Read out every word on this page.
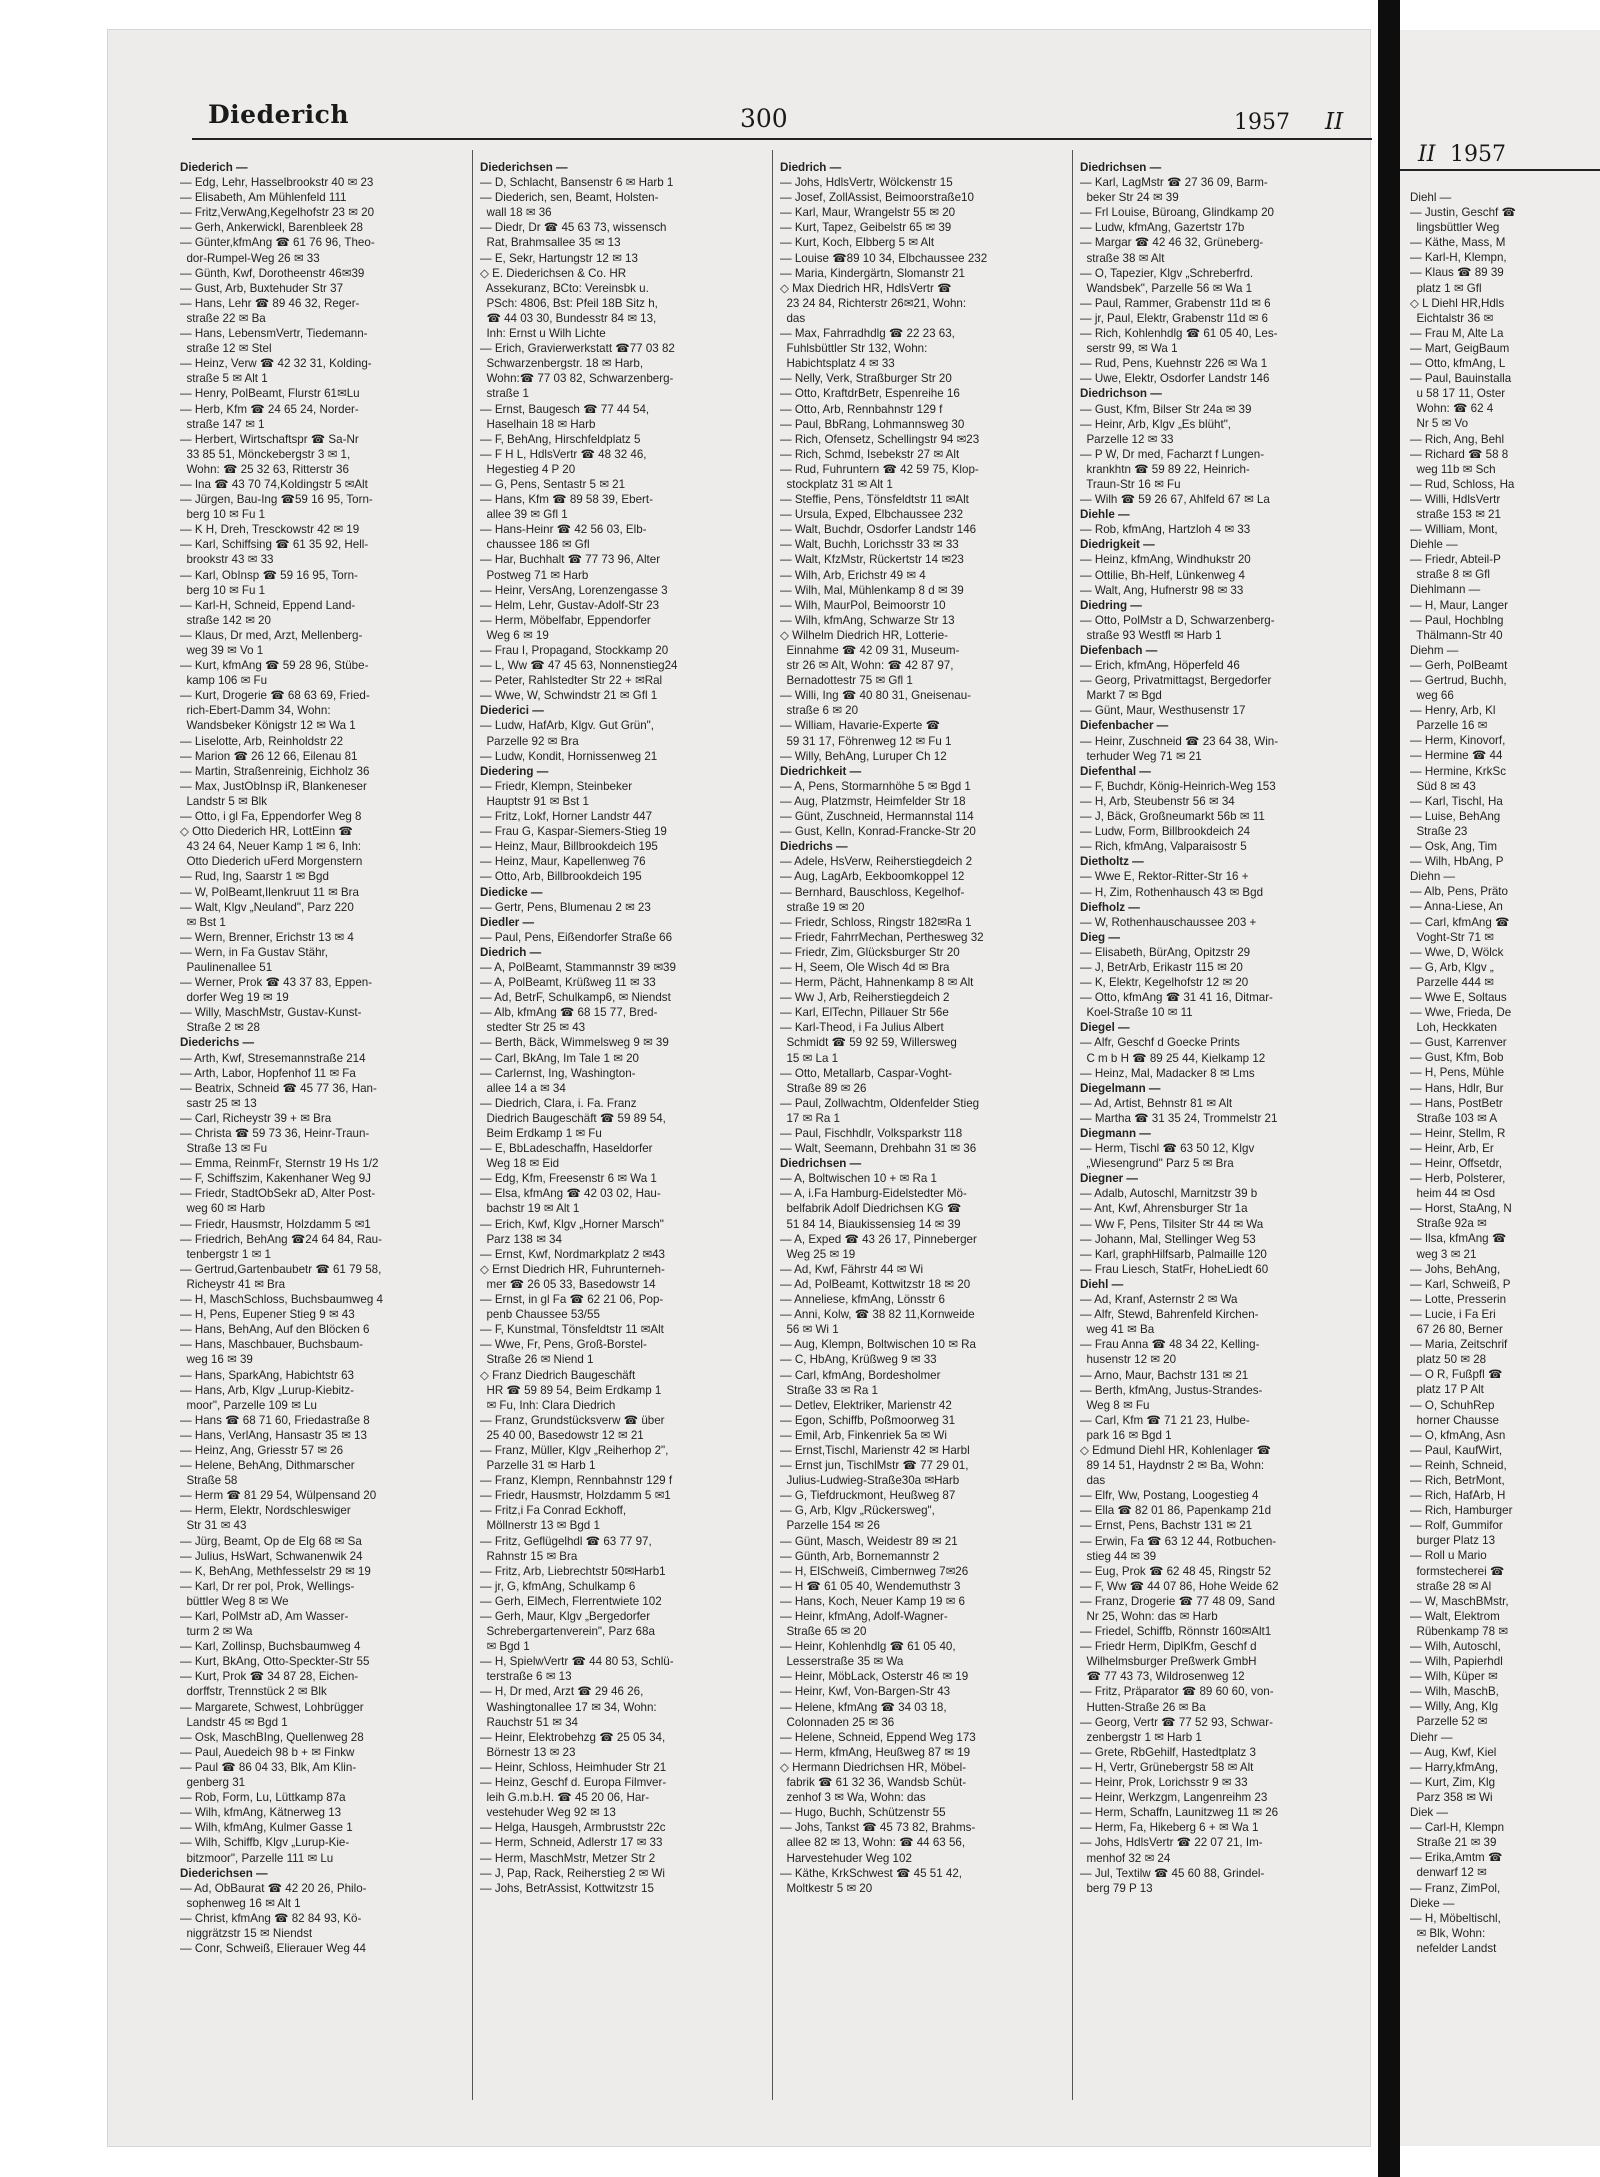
Diederich	300	1957 II
Diederich —
— Edg, Lehr, Hasselbrookstr 40 ✉ 23
— Elisabeth, Am Mühlenfeld 111
— Fritz,VerwAng,Kegelhofstr 23 ✉ 20
— Gerh, Ankerwickl, Barenbleek 28
— Günter,kfmAng ☎ 61 76 96, Theo-
dor-Rumpel-Weg 26 ✉ 33
— Günth, Kwf, Dorotheenstr 46✉39
— Gust, Arb, Buxtehuder Str 37
— Hans, Lehr ☎ 89 46 32, Reger-
straße 22 ✉ Ba
— Hans, LebensmVertr, Tiedemann-
straße 12 ✉ Stel
— Heinz, Verw ☎ 42 32 31, Kolding-
straße 5 ✉ Alt 1
— Henry, PolBeamt, Flurstr 61✉Lu
— Herb, Kfm ☎ 24 65 24, Norder-
straße 147 ✉ 1
— Herbert, Wirtschaftspr ☎ Sa-Nr
33 85 51, Mönckebergstr 3 ✉ 1,
Wohn: ☎ 25 32 63, Ritterstr 36
— Ina ☎ 43 70 74,Koldingstr 5 ✉Alt
— Jürgen, Bau-Ing ☎59 16 95, Torn-
berg 10 ✉ Fu 1
— K H, Dreh, Tresckowstr 42 ✉ 19
— Karl, Schiffsing ☎ 61 35 92, Hell-
brookstr 43 ✉ 33
— Karl, ObInsp ☎ 59 16 95, Torn-
berg 10 ✉ Fu 1
— Karl-H, Schneid, Eppend Land-
straße 142 ✉ 20
— Klaus, Dr med, Arzt, Mellenberg-
weg 39 ✉ Vo 1
— Kurt, kfmAng ☎ 59 28 96, Stübe-
kamp 106 ✉ Fu
— Kurt, Drogerie ☎ 68 63 69, Fried-
rich-Ebert-Damm 34, Wohn:
Wandsbeker Königstr 12 ✉ Wa 1
— Liselotte, Arb, Reinholdstr 22
— Marion ☎ 26 12 66, Eilenau 81
— Martin, Straßenreinig, Eichholz 36
— Max, JustObInsp iR, Blankeneser
Landstr 5 ✉ Blk
— Otto, i gl Fa, Eppendorfer Weg 8
◇ Otto Diederich HR, LottEinn ☎
43 24 64, Neuer Kamp 1 ✉ 6, Inh:
Otto Diederich uFerd Morgenstern
— Rud, Ing, Saarstr 1 ✉ Bgd
— W, PolBeamt,Ilenkruut 11 ✉ Bra
— Walt, Klgv „Neuland", Parz 220
✉ Bst 1
— Wern, Brenner, Erichstr 13 ✉ 4
— Wern, in Fa Gustav Stähr,
Paulinenallee 51
— Werner, Prok ☎ 43 37 83, Eppen-
dorfer Weg 19 ✉ 19
— Willy, MaschMstr, Gustav-Kunst-
Straße 2 ✉ 28
Diederichs —
— Arth, Kwf, Stresemannstraße 214
— Arth, Labor, Hopfenhof 11 ✉ Fa
— Beatrix, Schneid ☎ 45 77 36, Han-
sastr 25 ✉ 13
— Carl, Richeystr 39 + ✉ Bra
— Christa ☎ 59 73 36, Heinr-Traun-
Straße 13 ✉ Fu
— Emma, ReinmFr, Sternstr 19 Hs 1/2
— F, Schiffszim, Kakenhaner Weg 9J
— Friedr, StadtObSekr aD, Alter Post-
weg 60 ✉ Harb
— Friedr, Hausmstr, Holzdamm 5 ✉1
— Friedrich, BehAng ☎24 64 84, Rau-
tenbergstr 1 ✉ 1
— Gertrud,Gartenbaubetr ☎ 61 79 58,
Richeystr 41 ✉ Bra
— H, MaschSchloss, Buchsbaumweg 4
— H, Pens, Eupener Stieg 9 ✉ 43
— Hans, BehAng, Auf den Blöcken 6
— Hans, Maschbauer, Buchsbaum-
weg 16 ✉ 39
— Hans, SparkAng, Habichtstr 63
— Hans, Arb, Klgv „Lurup-Kiebitz-
moor", Parzelle 109 ✉ Lu
— Hans ☎ 68 71 60, Friedastraße 8
— Hans, VerlAng, Hansastr 35 ✉ 13
— Heinz, Ang, Griesstr 57 ✉ 26
— Helene, BehAng, Dithmarscher
Straße 58
— Herm ☎ 81 29 54, Wülpensand 20
— Herm, Elektr, Nordschleswiger
Str 31 ✉ 43
— Jürg, Beamt, Op de Elg 68 ✉ Sa
— Julius, HsWart, Schwanenwik 24
— K, BehAng, Methfesselstr 29 ✉ 19
— Karl, Dr rer pol, Prok, Wellings-
büttler Weg 8 ✉ We
— Karl, PolMstr aD, Am Wasser-
turm 2 ✉ Wa
— Karl, Zollinsp, Buchsbaumweg 4
— Kurt, BkAng, Otto-Speckter-Str 55
— Kurt, Prok ☎ 34 87 28, Eichen-
dorffstr, Trennstück 2 ✉ Blk
— Margarete, Schwest, Lohbrügger
Landstr 45 ✉ Bgd 1
— Osk, MaschBIng, Quellenweg 28
— Paul, Auedeich 98 b + ✉ Finkw
— Paul ☎ 86 04 33, Blk, Am Klin-
genberg 31
— Rob, Form, Lu, Lüttkamp 87a
— Wilh, kfmAng, Kätnerweg 13
— Wilh, kfmAng, Kulmer Gasse 1
— Wilh, Schiffb, Klgv „Lurup-Kie-
bitzmoor", Parzelle 111 ✉ Lu
Diederichsen —
— Ad, ObBaurat ☎ 42 20 26, Philo-
sophenweg 16 ✉ Alt 1
— Christ, kfmAng ☎ 82 84 93, Kö-
niggrätzstr 15 ✉ Niendst
— Conr, Schweiß, Elierauer Weg 44
Diederichsen —
— D, Schlacht, Bansenstr 6 ✉ Harb 1
— Diederich, sen, Beamt, Holsten-
wall 18 ✉ 36
— Diedr, Dr ☎ 45 63 73, wissensch
Rat, Brahmsallee 35 ✉ 13
— E, Sekr, Hartungstr 12 ✉ 13
◇ E. Diederichsen & Co. HR
Assekuranz, BCto: Vereinsbk u.
PSch: 4806, Bst: Pfeil 18B Sitz h,
☎ 44 03 30, Bundesstr 84 ✉ 13,
Inh: Ernst u Wilh Lichte
— Erich, Gravierwerkstatt ☎77 03 82
Schwarzenbergstr. 18 ✉ Harb,
Wohn:☎ 77 03 82, Schwarzenberg-
straße 1
— Ernst, Baugesch ☎ 77 44 54,
Haselhain 18 ✉ Harb
— F, BehAng, Hirschfeldplatz 5
— F H L, HdlsVertr ☎ 48 32 46,
Hegestieg 4 P 20
— G, Pens, Sentastr 5 ✉ 21
— Hans, Kfm ☎ 89 58 39, Ebert-
allee 39 ✉ Gfl 1
— Hans-Heinr ☎ 42 56 03, Elb-
chaussee 186 ✉ Gfl
— Har, Buchhalt ☎ 77 73 96, Alter
Postweg 71 ✉ Harb
— Heinr, VersAng, Lorenzengasse 3
— Helm, Lehr, Gustav-Adolf-Str 23
— Herm, Möbelfabr, Eppendorfer
Weg 6 ✉ 19
— Frau I, Propagand, Stockkamp 20
— L, Ww ☎ 47 45 63, Nonnenstieg24
— Peter, Rahlstedter Str 22 + ✉Ral
— Wwe, W, Schwindstr 21 ✉ Gfl 1
Dieder​ici —
— Ludw, HafArb, Klgv. Gut Grün",
Parzelle 92 ✉ Bra
— Ludw, Kondit, Hornissenweg 21
Diedering —
— Friedr, Klempn, Steinbeker
Hauptstr 91 ✉ Bst 1
— Fritz, Lokf, Horner Landstr 447
— Frau G, Kaspar-Siemers-Stieg 19
— Heinz, Maur, Billbrookdeich 195
— Heinz, Maur, Kapellenweg 76
— Otto, Arb, Billbrookdeich 195
Diedicke —
— Gertr, Pens, Blumenau 2 ✉ 23
Diedler —
— Paul, Pens, Eißendorfer Straße 66
Diedrich —
— A, PolBeamt, Stammannstr 39 ✉39
— A, PolBeamt, Krüßweg 11 ✉ 33
— Ad, BetrF, Schulkamp6, ✉ Niendst
— Alb, kfmAng ☎ 68 15 77, Bred-
stedter Str 25 ✉ 43
— Berth, Bäck, Wimmelsweg 9 ✉ 39
— Carl, BkAng, Im Tale 1 ✉ 20
— Carlernst, Ing, Washington-
allee 14 a ✉ 34
— Diedrich, Clara, i. Fa. Franz
Diedrich Baugeschäft ☎ 59 89 54,
Beim Erdkamp 1 ✉ Fu
— E, BbLadeschaffn, Haseldorfer
Weg 18 ✉ Eid
— Edg, Kfm, Freesenstr 6 ✉ Wa 1
— Elsa, kfmAng ☎ 42 03 02, Hau-
bachstr 19 ✉ Alt 1
— Erich, Kwf, Klgv „Horner Marsch"
Parz 138 ✉ 34
— Ernst, Kwf, Nordmarkplatz 2 ✉43
◇ Ernst Diedrich HR, Fuhrunterneh-
mer ☎ 26 05 33, Basedowstr 14
— Ernst, in gl Fa ☎ 62 21 06, Pop-
penb Chaussee 53/55
— F, Kunstmal, Tönsfeldtstr 11 ✉Alt
— Wwe, Fr, Pens, Groß-Borstel-
Straße 26 ✉ Niend 1
◇ Franz Diedrich Baugeschäft
HR ☎ 59 89 54, Beim Erdkamp 1
✉ Fu, Inh: Clara Diedrich
— Franz, Grundstücksverw ☎ über
25 40 00, Basedowstr 12 ✉ 21
— Franz, Müller, Klgv „Reiherhop 2",
Parzelle 31 ✉ Harb 1
— Franz, Klempn, Rennbahnstr 129 f
— Friedr, Hausmstr, Holzdamm 5 ✉1
— Fritz,i Fa Conrad Eckhoff,
Möllnerstr 13 ✉ Bgd 1
— Fritz, Geflügelhdl ☎ 63 77 97,
Rahnstr 15 ✉ Bra
— Fritz, Arb, Liebrechtstr 50✉Harb1
— jr, G, kfmAng, Schulkamp 6
— Gerh, ElMech, Flerrentwiete 102
— Gerh, Maur, Klgv „Bergedorfer
Schrebergartenverein", Parz 68a
✉ Bgd 1
— H, SpielwVertr ☎ 44 80 53, Schlü-
terstraße 6 ✉ 13
— H, Dr med, Arzt ☎ 29 46 26,
Washingtonallee 17 ✉ 34, Wohn:
Rauchstr 51 ✉ 34
— Heinr, Elektrobehzg ☎ 25 05 34,
Börnestr 13 ✉ 23
— Heinr, Schloss, Heimhuder Str 21
— Heinz, Geschf d. Europa Filmver-
leih G.m.b.H. ☎ 45 20 06, Har-
vestehuder Weg 92 ✉ 13
— Helga, Hausgeh, Armbruststr 22c
— Herm, Schneid, Adlerstr 17 ✉ 33
— Herm, MaschMstr, Metzer Str 2
— J, Pap, Rack, Reiherstieg 2 ✉ Wi
— Johs, BetrAssist, Kottwitzstr 15
Diedrich —
— Johs, HdlsVertr, Wölckenstr 15
— Josef, ZollAssist, Beimoorstraße10
— Karl, Maur, Wrangelstr 55 ✉ 20
— Kurt, Tapez, Geibelstr 65 ✉ 39
— Kurt, Koch, Elbberg 5 ✉ Alt
— Louise ☎89 10 34, Elbchaussee 232
— Maria, Kindergärtn, Slomanstr 21
◇ Max Diedrich HR, HdlsVertr ☎
23 24 84, Richterstr 26✉21, Wohn:
das
— Max, Fahrradhdlg ☎ 22 23 63,
Fuhlsbüttler Str 132, Wohn:
Habichtsplatz 4 ✉ 33
— Nelly, Verk, Straßburger Str 20
— Otto, KraftdrBetr, Espenreihe 16
— Otto, Arb, Rennbahnstr 129 f
— Paul, BbRang, Lohmannsweg 30
— Rich, Ofensetz, Schellingstr 94 ✉23
— Rich, Schmd, Isebekstr 27 ✉ Alt
— Rud, Fuhruntern ☎ 42 59 75, Klop-
stockplatz 31 ✉ Alt 1
— Steffie, Pens, Tönsfeldtstr 11 ✉Alt
— Ursula, Exped, Elbchaussee 232
— Walt, Buchdr, Osdorfer Landstr 146
— Walt, Buchh, Lorichsstr 33 ✉ 33
— Walt, KfzMstr, Rückertstr 14 ✉23
— Wilh, Arb, Erichstr 49 ✉ 4
— Wilh, Mal, Mühlenkamp 8 d ✉ 39
— Wilh, MaurPol, Beimoorstr 10
— Wilh, kfmAng, Schwarze Str 13
◇ Wilhelm Diedrich HR, Lotterie-
Einnahme ☎ 42 09 31, Museum-
str 26 ✉ Alt, Wohn: ☎ 42 87 97,
Bernadottestr 75 ✉ Gfl 1
— Willi, Ing ☎ 40 80 31, Gneisenau-
straße 6 ✉ 20
— William, Havarie-Experte ☎
59 31 17, Föhrenweg 12 ✉ Fu 1
— Willy, BehAng, Luruper Ch 12
Diedrichkeit —
— A, Pens, Stormarnhöhe 5 ✉ Bgd 1
— Aug, Platzmstr, Heimfelder Str 18
— Günt, Zuschneid, Hermannstal 114
— Gust, Kelln, Konrad-Francke-Str 20
Diedrichs —
— Adele, HsVerw, Reiherstiegdeich 2
— Aug, LagArb, Eekboomkoppel 12
— Bernhard, Bauschloss, Kegelhof-
straße 19 ✉ 20
— Friedr, Schloss, Ringstr 182✉Ra 1
— Friedr, FahrrMechan, Perthesweg 32
— Friedr, Zim, Glücksburger Str 20
— H, Seem, Ole Wisch 4d ✉ Bra
— Herm, Pächt, Hahnenkamp 8 ✉ Alt
— Ww J, Arb, Reiherstiegdeich 2
— Karl, ElTechn, Pillauer Str 56e
— Karl-Theod, i Fa Julius Albert
Schmidt ☎ 59 92 59, Willersweg
15 ✉ La 1
— Otto, Metallarb, Caspar-Voght-
Straße 89 ✉ 26
— Paul, Zollwachtm, Oldenfelder Stieg
17 ✉ Ra 1
— Paul, Fischhdlr, Volksparkstr 118
— Walt, Seemann, Drehbahn 31 ✉ 36
Diedrichsen —
— A, Boltwischen 10 + ✉ Ra 1
— A, i.Fa Hamburg-Eidelstedter Mö-
belfabrik Adolf Diedrichsen KG ☎
51 84 14, Biaukissensieg 14 ✉ 39
— A, Exped ☎ 43 26 17, Pinneberger
Weg 25 ✉ 19
— Ad, Kwf, Fährstr 44 ✉ Wi
— Ad, PolBeamt, Kottwitzstr 18 ✉ 20
— Anneliese, kfmAng, Lönsstr 6
— Anni, Kolw, ☎ 38 82 11,Kornweide
56 ✉ Wi 1
— Aug, Klempn, Boltwischen 10 ✉ Ra
— C, HbAng, Krüßweg 9 ✉ 33
— Carl, kfmAng, Bordesholmer
Straße 33 ✉ Ra 1
— Detlev, Elektriker, Marienstr 42
— Egon, Schiffb, Poßmoorweg 31
— Emil, Arb, Finkenriek 5a ✉ Wi
— Ernst,Tischl, Marienstr 42 ✉ Harbl
— Ernst jun, TischlMstr ☎ 77 29 01,
Julius-Ludwieg-Straße30a ✉Harb
— G, Tiefdruckmont, Heußweg 87
— G, Arb, Klgv „Rückersweg",
Parzelle 154 ✉ 26
— Günt, Masch, Weidestr 89 ✉ 21
— Günth, Arb, Bornemannstr 2
— H, ElSchweiß, Cimbernweg 7✉26
— H ☎ 61 05 40, Wendemuthstr 3
— Hans, Koch, Neuer Kamp 19 ✉ 6
— Heinr, kfmAng, Adolf-Wagner-
Straße 65 ✉ 20
— Heinr, Kohlenhdlg ☎ 61 05 40,
Lesserstraße 35 ✉ Wa
— Heinr, MöbLack, Osterstr 46 ✉ 19
— Heinr, Kwf, Von-Bargen-Str 43
— Helene, kfmAng ☎ 34 03 18,
Colonnaden 25 ✉ 36
— Helene, Schneid, Eppend Weg 173
— Herm, kfmAng, Heußweg 87 ✉ 19
◇ Hermann Diedrichsen HR, Möbel-
fabrik ☎ 61 32 36, Wandsb Schüt-
zenhof 3 ✉ Wa, Wohn: das
— Hugo, Buchh, Schützenstr 55
— Johs, Tankst ☎ 45 73 82, Brahms-
allee 82 ✉ 13, Wohn: ☎ 44 63 56,
Harvestehuder Weg 102
— Käthe, KrkSchwest ☎ 45 51 42,
Moltkestr 5 ✉ 20
Diedrichsen —
— Karl, LagMstr ☎ 27 36 09, Barm-
beker Str 24 ✉ 39
— Frl Louise, Büroang, Glindkamp 20
— Ludw, kfmAng, Gazertstr 17b
— Margar ☎ 42 46 32, Grüneberg-
straße 38 ✉ Alt
— O, Tapezier, Klgv „Schreberfrd.
Wandsbek", Parzelle 56 ✉ Wa 1
— Paul, Rammer, Grabenstr 11d ✉ 6
— jr, Paul, Elektr, Grabenstr 11d ✉ 6
— Rich, Kohlenhdlg ☎ 61 05 40, Les-
serstr 99, ✉ Wa 1
— Rud, Pens, Kuehnstr 226 ✉ Wa 1
— Uwe, Elektr, Osdorfer Landstr 146
Diedrichson —
— Gust, Kfm, Bilser Str 24a ✉ 39
— Heinr, Arb, Klgv „Es blüht",
Parzelle 12 ✉ 33
— P W, Dr med, Facharzt f Lungen-
krankhtn ☎ 59 89 22, Heinrich-
Traun-Str 16 ✉ Fu
— Wilh ☎ 59 26 67, Ahlfeld 67 ✉ La
Diehle —
— Rob, kfmAng, Hartzloh 4 ✉ 33
Diedrigkeit —
— Heinz, kfmAng, Windhukstr 20
— Ottilie, Bh-Helf, Lünkenweg 4
— Walt, Ang, Hufnerstr 98 ✉ 33
Diedring —
— Otto, PolMstr a D, Schwarzenberg-
straße 93 Westfl ✉ Harb 1
Diefenbach —
— Erich, kfmAng, Höperfeld 46
— Georg, Privatmittagst, Bergedorfer
Markt 7 ✉ Bgd
— Günt, Maur, Westhusenstr 17
Diefenbacher —
— Heinr, Zuschneid ☎ 23 64 38, Win-
terhuder Weg 71 ✉ 21
Diefenthal —
— F, Buchdr, König-Heinrich-Weg 153
— H, Arb, Steubenstr 56 ✉ 34
— J, Bäck, Großneumarkt 56b ✉ 11
— Ludw, Form, Billbrookdeich 24
— Rich, kfmAng, Valparaisostr 5
Dietholtz —
— Wwe E, Rektor-Ritter-Str 16 +
— H, Zim, Rothenhausch 43 ✉ Bgd
Diefholz —
— W, Rothenhauschaussee 203 +
Dieg —
— Elisabeth, BürAng, Opitzstr 29
— J, BetrArb, Erikastr 115 ✉ 20
— K, Elektr, Kegelhofstr 12 ✉ 20
— Otto, kfmAng ☎ 31 41 16, Ditmar-
Koel-Straße 10 ✉ 11
Diegel —
— Alfr, Geschf d Goecke Prints
C m b H ☎ 89 25 44, Kielkamp 12
— Heinz, Mal, Madacker 8 ✉ Lms
Diegelmann —
— Ad, Artist, Behnstr 81 ✉ Alt
— Martha ☎ 31 35 24, Trommelstr 21
Diegmann —
— Herm, Tischl ☎ 63 50 12, Klgv
„Wiesengrund" Parz 5 ✉ Bra
Diegner —
— Adalb, Autoschl, Marnitzstr 39 b
— Ant, Kwf, Ahrensburger Str 1a
— Ww F, Pens, Tilsiter Str 44 ✉ Wa
— Johann, Mal, Stellinger Weg 53
— Karl, graphHilfsarb, Palmaille 120
— Frau Liesch, StatFr, HoheLiedt 60
Diehl —
— Ad, Kranf, Asternstr 2 ✉ Wa
— Alfr, Stewd, Bahrenfeld Kirchen-
weg 41 ✉ Ba
— Frau Anna ☎ 48 34 22, Kelling-
husenstr 12 ✉ 20
— Arno, Maur, Bachstr 131 ✉ 21
— Berth, kfmAng, Justus-Strandes-
Weg 8 ✉ Fu
— Carl, Kfm ☎ 71 21 23, Hulbe-
park 16 ✉ Bgd 1
◇ Edmund Diehl HR, Kohlenlager ☎
89 14 51, Haydnstr 2 ✉ Ba, Wohn:
das
— Elfr, Ww, Postang, Loogestieg 4
— Ella ☎ 82 01 86, Papenkamp 21d
— Ernst, Pens, Bachstr 131 ✉ 21
— Erwin, Fa ☎ 63 12 44, Rotbuchen-
stieg 44 ✉ 39
— Eug, Prok ☎ 62 48 45, Ringstr 52
— F, Ww ☎ 44 07 86, Hohe Weide 62
— Franz, Drogerie ☎ 77 48 09, Sand
Nr 25, Wohn: das ✉ Harb
— Friedel, Schiffb, Rönnstr 160✉Alt1
— Friedr Herm, DiplKfm, Geschf d
Wilhelmsburger Preßwerk GmbH
☎ 77 43 73, Wildrosenweg 12
— Fritz, Präparator ☎ 89 60 60, von-
Hutten-Straße 26 ✉ Ba
— Georg, Vertr ☎ 77 52 93, Schwar-
zenbergstr 1 ✉ Harb 1
— Grete, RbGehilf, Hastedtplatz 3
— H, Vertr, Grünebergstr 58 ✉ Alt
— Heinr, Prok, Lorichsstr 9 ✉ 33
— Heinr, Werkzgm, Langenreihm 23
— Herm, Schaffn, Launitzweg 11 ✉ 26
— Herm, Fa, Hikeberg 6 + ✉ Wa 1
— Johs, HdlsVertr ☎ 22 07 21, Im-
menhof 32 ✉ 24
— Jul, Textilw ☎ 45 60 88, Grindel-
berg 79 P 13
II 1957
Diehl —
— Justin, Geschf ☎
lingsbüttler Weg
— Käthe, Mass, M
— Karl-H, Klempn,
— Klaus ☎ 89 39
platz 1 ✉ Gfl
◇ L Diehl HR,Hdls
Eichtalstr 36 ✉
— Frau M, Alte La
— Mart, GeigBaum
— Otto, kfmAng, L
— Paul, Bauinstalla
u 58 17 11, Oster
Wohn: ☎ 62 4
Nr 5 ✉ Vo
— Rich, Ang, Behl
— Richard ☎ 58 8
weg 11b ✉ Sch
— Rud, Schloss, Ha
— Willi, HdlsVertr
straße 153 ✉ 21
— William, Mont,
Diehle —
— Friedr, Abteil-P
straße 8 ✉ Gfl
Diehlmann —
— H, Maur, Langer
— Paul, Hochblng
Thälmann-Str 40
Diehm —
— Gerh, PolBeamt
— Gertrud, Buchh,
weg 66
— Henry, Arb, Kl
Parzelle 16 ✉
— Herm, Kinovorf,
— Hermine ☎ 44
— Hermine, KrkSc
Süd 8 ✉ 43
— Karl, Tischl, Ha
— Luise, BehAng
Straße 23
— Osk, Ang, Tim
— Wilh, HbAng, P
Diehn —
— Alb, Pens, Präto
— Anna-Liese, An
— Carl, kfmAng ☎
Voght-Str 71 ✉
— Wwe, D, Wölck
— G, Arb, Klgv „
Parzelle 444 ✉
— Wwe E, Soltaus
— Wwe, Frieda, De
Loh, Heckkaten
— Gust, Karrenver
— Gust, Kfm, Bob
— H, Pens, Mühle
— Hans, Hdlr, Bur
— Hans, PostBetr
Straße 103 ✉ A
— Heinr, Stellm, R
— Heinr, Arb, Er
— Heinr, Offsetdr,
— Herb, Polsterer,
heim 44 ✉ Osd
— Horst, StaAng, N
Straße 92a ✉
— Ilsa, kfmAng ☎
weg 3 ✉ 21
— Johs, BehAng,
— Karl, Schweiß, P
— Lotte, Presserin
— Lucie, i Fa Eri
67 26 80, Berner
— Maria, Zeitschrif
platz 50 ✉ 28
— O R, Fußpfl ☎
platz 17 P Alt
— O, SchuhRep
horner Chausse
— O, kfmAng, Asn
— Paul, KaufWirt,
— Reinh, Schneid,
— Rich, BetrMont,
— Rich, HafArb, H
— Rich, Hamburger
— Rolf, Gummifor
burger Platz 13
— Roll u Mario
formstecherei ☎
straße 28 ✉ Al
— W, MaschBMstr,
— Walt, Elektrom
Rübenkamp 78 ✉
— Wilh, Autoschl,
— Wilh, Papierhdl
— Wilh, Küper ✉
— Wilh, MaschB,
— Willy, Ang, Klg
Parzelle 52 ✉
Diehr —
— Aug, Kwf, Kiel
— Harry,kfmAng,
— Kurt, Zim, Klg
Parz 358 ✉ Wi
Diek —
— Carl-H, Klempn
Straße 21 ✉ 39
— Erika,Amtm ☎
denwarf 12 ✉
— Franz, ZimPol,
Dieke —
— H, Möbeltischl,
✉ Blk, Wohn:
nefelder Landst
